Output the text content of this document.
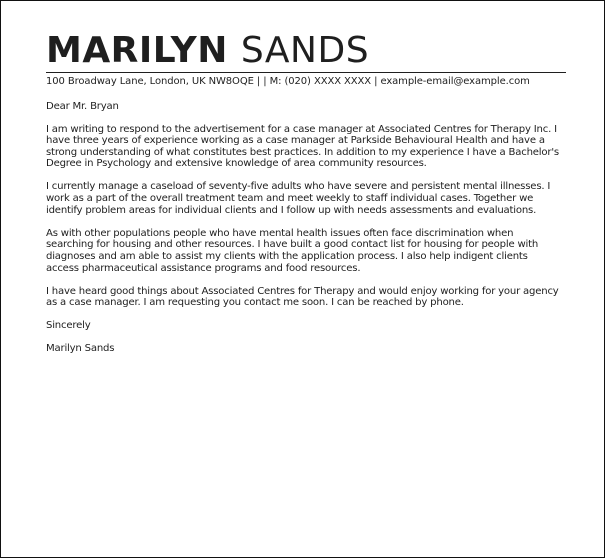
MARILYN SANDS
100 Broadway Lane, London, UK NW8OQE | | M: (020) XXXX XXXX | example-email@example.com

Dear Mr. Bryan

I am writing to respond to the advertisement for a case manager at Associated Centres for Therapy Inc. I have three years of experience working as a case manager at Parkside Behavioural Health and have a strong understanding of what constitutes best practices. In addition to my experience I have a Bachelor's Degree in Psychology and extensive knowledge of area community resources.

I currently manage a caseload of seventy-five adults who have severe and persistent mental illnesses. I work as a part of the overall treatment team and meet weekly to staff individual cases. Together we identify problem areas for individual clients and I follow up with needs assessments and evaluations.

As with other populations people who have mental health issues often face discrimination when searching for housing and other resources. I have built a good contact list for housing for people with diagnoses and am able to assist my clients with the application process. I also help indigent clients access pharmaceutical assistance programs and food resources.

I have heard good things about Associated Centres for Therapy and would enjoy working for your agency as a case manager. I am requesting you contact me soon. I can be reached by phone.

Sincerely

Marilyn Sands
